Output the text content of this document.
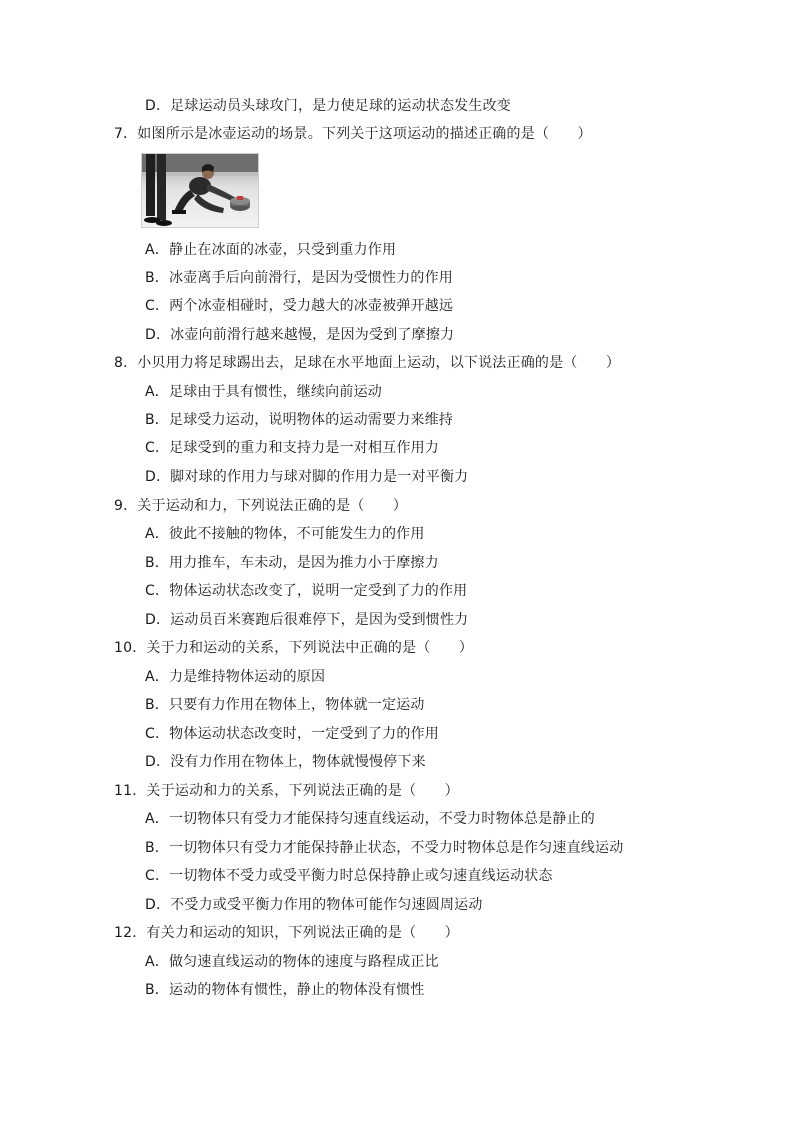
D．足球运动员头球攻门，是力使足球的运动状态发生改变
7．如图所示是冰壶运动的场景。下列关于这项运动的描述正确的是（　　）
A．静止在冰面的冰壶，只受到重力作用
B．冰壶离手后向前滑行，是因为受惯性力的作用
C．两个冰壶相碰时，受力越大的冰壶被弹开越远
D．冰壶向前滑行越来越慢，是因为受到了摩擦力
8．小贝用力将足球踢出去，足球在水平地面上运动，以下说法正确的是（　　）
A．足球由于具有惯性，继续向前运动
B．足球受力运动，说明物体的运动需要力来维持
C．足球受到的重力和支持力是一对相互作用力
D．脚对球的作用力与球对脚的作用力是一对平衡力
9．关于运动和力，下列说法正确的是（　　）
A．彼此不接触的物体，不可能发生力的作用
B．用力推车，车未动，是因为推力小于摩擦力
C．物体运动状态改变了，说明一定受到了力的作用
D．运动员百米赛跑后很难停下，是因为受到惯性力
10．关于力和运动的关系，下列说法中正确的是（　　）
A．力是维持物体运动的原因
B．只要有力作用在物体上，物体就一定运动
C．物体运动状态改变时，一定受到了力的作用
D．没有力作用在物体上，物体就慢慢停下来
11．关于运动和力的关系，下列说法正确的是（　　）
A．一切物体只有受力才能保持匀速直线运动，不受力时物体总是静止的
B．一切物体只有受力才能保持静止状态，不受力时物体总是作匀速直线运动
C．一切物体不受力或受平衡力时总保持静止或匀速直线运动状态
D．不受力或受平衡力作用的物体可能作匀速圆周运动
12．有关力和运动的知识，下列说法正确的是（　　）
A．做匀速直线运动的物体的速度与路程成正比
B．运动的物体有惯性，静止的物体没有惯性
